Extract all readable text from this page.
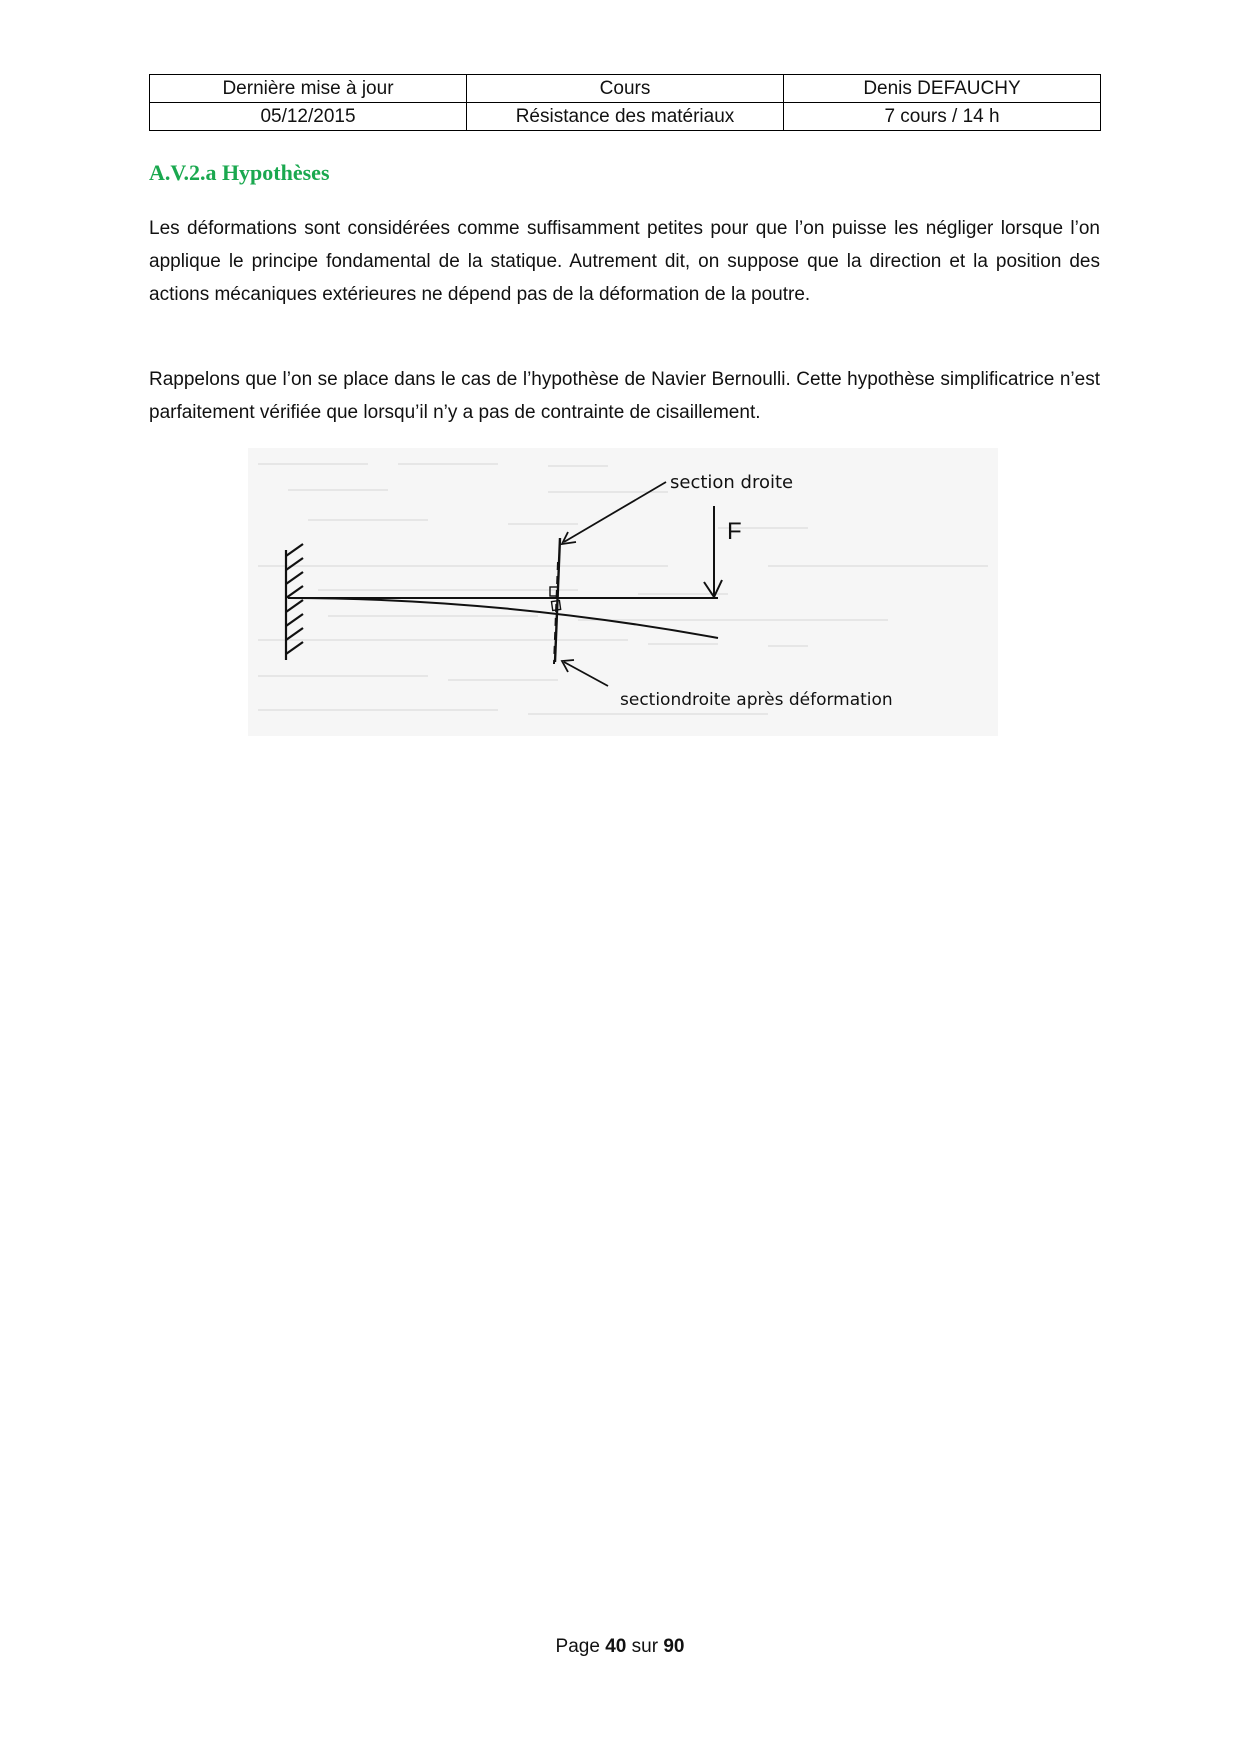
Dernière mise à jour	Cours	Denis DEFAUCHY
05/12/2015	Résistance des matériaux	7 cours / 14 h
A.V.2.a Hypothèses

Les déformations sont considérées comme suffisamment petites pour que l’on puisse les négliger lorsque l’on applique le principe fondamental de la statique. Autrement dit, on suppose que la direction et la position des actions mécaniques extérieures ne dépend pas de la déformation de la poutre.

Rappelons que l’on se place dans le cas de l’hypothèse de Navier Bernoulli. Cette hypothèse simplificatrice n’est parfaitement vérifiée que lorsqu’il n’y a pas de contrainte de cisaillement.

F
section droite
sectiondroite après déformation
Page 40 sur 90
